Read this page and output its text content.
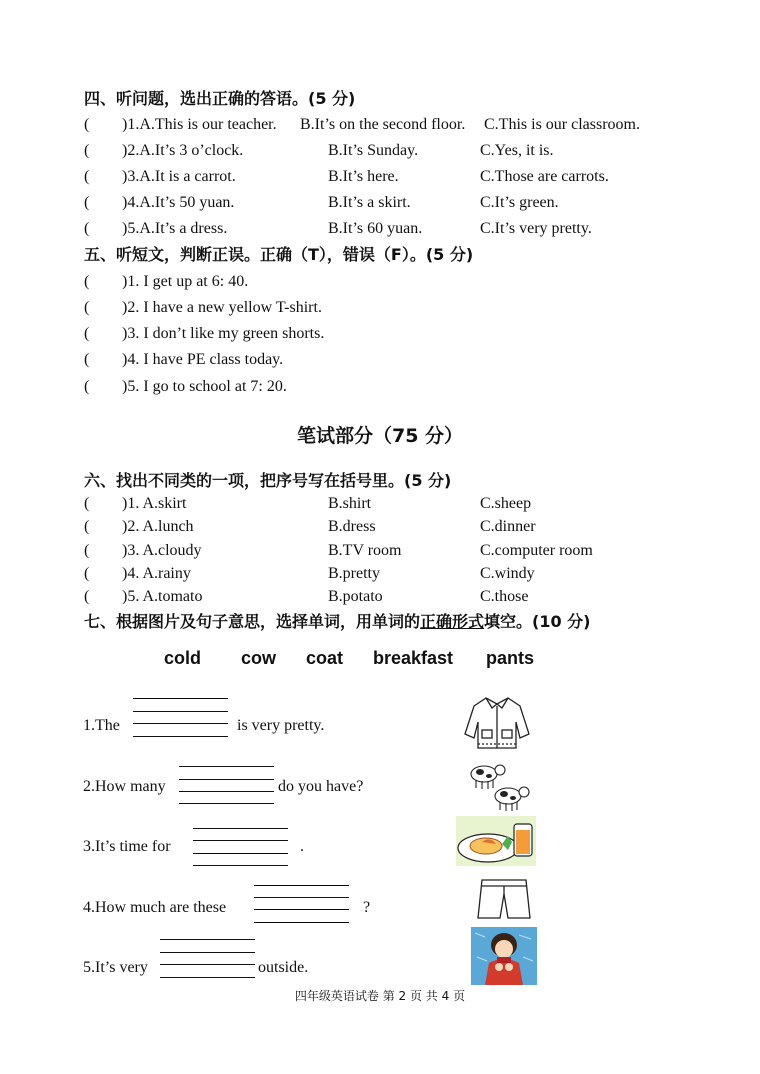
四、听问题，选出正确的答语。(5 分)
( )1.A.This is our teacher. B.It’s on the second floor. C.This is our classroom.
( )2.A.It’s 3 o’clock.	B.It’s Sunday.	C.Yes, it is.
( )3.A.It is a carrot.	B.It’s here.	C.Those are carrots.
( )4.A.It’s 50 yuan.	B.It’s a skirt.	C.It’s green.
( )5.A.It’s a dress.	B.It’s 60 yuan.	C.It’s very pretty.
五、听短文，判断正误。正确（T），错误（F）。(5 分)
( )1. I get up at 6: 40.
( )2. I have a new yellow T-shirt.
( )3. I don’t like my green shorts.
( )4. I have PE class today.
( )5. I go to school at 7: 20.
笔试部分（75 分）
六、找出不同类的一项，把序号写在括号里。(5 分)
( )1. A.skirt	B.shirt	C.sheep
( )2. A.lunch	B.dress	C.dinner
( )3. A.cloudy	B.TV room	C.computer room
( )4. A.rainy	B.pretty	C.windy
( )5. A.tomato	B.potato	C.those
七、根据图片及句子意思，选择单词，用单词的正确形式填空。(10 分)
cold cow coat breakfast pants
1.The	is very pretty.
2.How many	do you have?
3.It’s time for	.
4.How much are these	?
5.It’s very	outside.
四年级英语试卷 第 2 页 共 4 页
